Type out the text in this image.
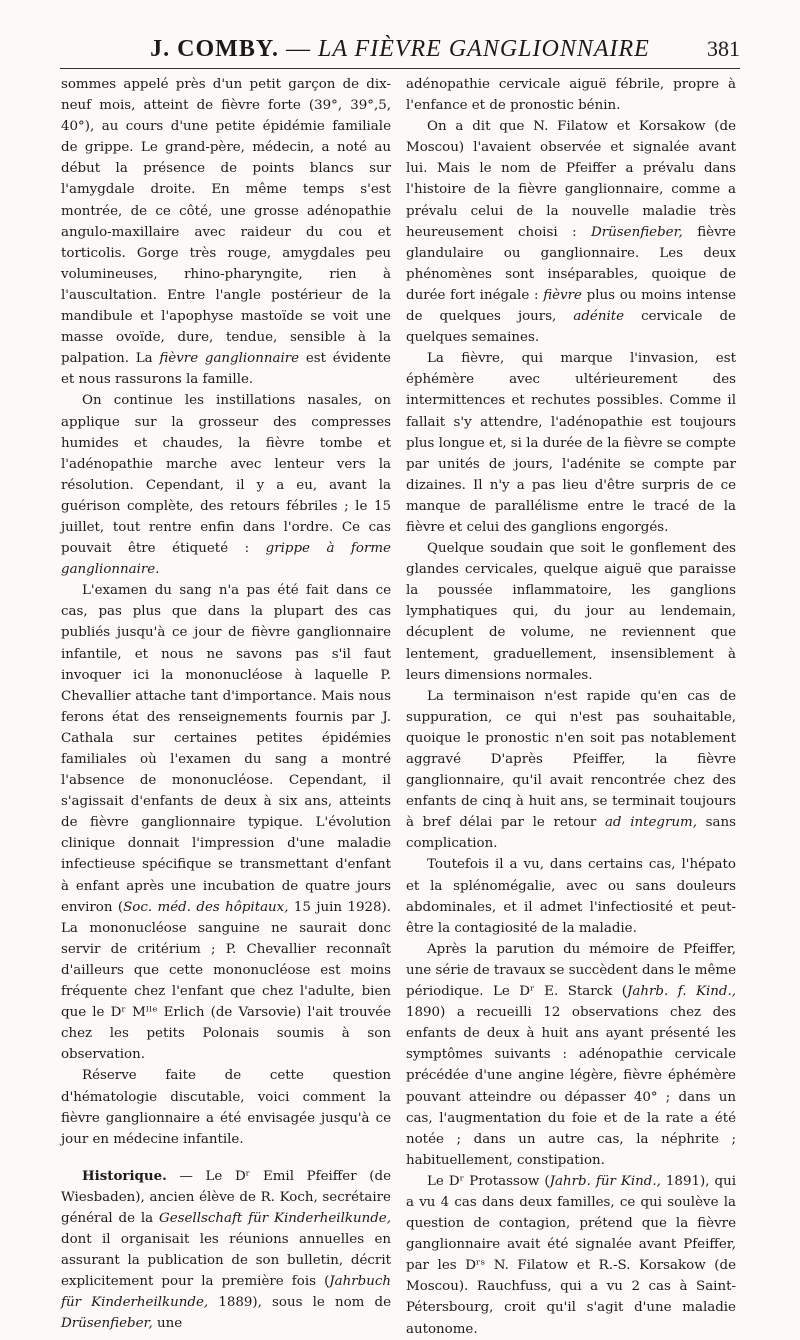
J. COMBY. — LA FIÈVRE GANGLIONNAIRE	381

sommes appelé près d'un petit garçon de dix-neuf mois, atteint de fièvre forte (39°, 39°,5, 40°), au cours d'une petite épidémie familiale de grippe. Le grand-père, médecin, a noté au début la présence de points blancs sur l'amygdale droite. En même temps s'est montrée, de ce côté, une grosse adénopathie angulo-maxillaire avec raideur du cou et torticolis. Gorge très rouge, amygdales peu volumineuses, rhino-pharyngite, rien à l'auscultation. Entre l'angle postérieur de la mandibule et l'apophyse mastoïde se voit une masse ovoïde, dure, tendue, sensible à la palpation. La fièvre ganglionnaire est évidente et nous rassurons la famille.

On continue les instillations nasales, on applique sur la grosseur des compresses humides et chaudes, la fièvre tombe et l'adénopathie marche avec lenteur vers la résolution. Cependant, il y a eu, avant la guérison complète, des retours fébriles ; le 15 juillet, tout rentre enfin dans l'ordre. Ce cas pouvait être étiqueté : grippe à forme ganglionnaire.

L'examen du sang n'a pas été fait dans ce cas, pas plus que dans la plupart des cas publiés jusqu'à ce jour de fièvre ganglionnaire infantile, et nous ne savons pas s'il faut invoquer ici la mononucléose à laquelle P. Chevallier attache tant d'importance. Mais nous ferons état des renseignements fournis par J. Cathala sur certaines petites épidémies familiales où l'examen du sang a montré l'absence de mononucléose. Cependant, il s'agissait d'enfants de deux à six ans, atteints de fièvre ganglionnaire typique. L'évolution clinique donnait l'impression d'une maladie infectieuse spécifique se transmettant d'enfant à enfant après une incubation de quatre jours environ (Soc. méd. des hôpitaux, 15 juin 1928). La mononucléose sanguine ne saurait donc servir de critérium ; P. Chevallier reconnaît d'ailleurs que cette mononucléose est moins fréquente chez l'enfant que chez l'adulte, bien que le Dʳ Mˡˡᵉ Erlich (de Varsovie) l'ait trouvée chez les petits Polonais soumis à son observation.

Réserve faite de cette question d'hématologie discutable, voici comment la fièvre ganglionnaire a été envisagée jusqu'à ce jour en médecine infantile.

Historique. — Le Dʳ Emil Pfeiffer (de Wiesbaden), ancien élève de R. Koch, secrétaire général de la Gesellschaft für Kinderheilkunde, dont il organisait les réunions annuelles en assurant la publication de son bulletin, décrit explicitement pour la première fois (Jahrbuch für Kinderheilkunde, 1889), sous le nom de Drüsenfieber, une

adénopathie cervicale aiguë fébrile, propre à l'enfance et de pronostic bénin.

On a dit que N. Filatow et Korsakow (de Moscou) l'avaient observée et signalée avant lui. Mais le nom de Pfeiffer a prévalu dans l'histoire de la fièvre ganglionnaire, comme a prévalu celui de la nouvelle maladie très heureusement choisi : Drüsenfieber, fièvre glandulaire ou ganglionnaire. Les deux phénomènes sont inséparables, quoique de durée fort inégale : fièvre plus ou moins intense de quelques jours, adénite cervicale de quelques semaines.

La fièvre, qui marque l'invasion, est éphémère avec ultérieurement des intermittences et rechutes possibles. Comme il fallait s'y attendre, l'adénopathie est toujours plus longue et, si la durée de la fièvre se compte par unités de jours, l'adénite se compte par dizaines. Il n'y a pas lieu d'être surpris de ce manque de parallélisme entre le tracé de la fièvre et celui des ganglions engorgés.

Quelque soudain que soit le gonflement des glandes cervicales, quelque aiguë que paraisse la poussée inflammatoire, les ganglions lymphatiques qui, du jour au lendemain, décuplent de volume, ne reviennent que lentement, graduellement, insensiblement à leurs dimensions normales.

La terminaison n'est rapide qu'en cas de suppuration, ce qui n'est pas souhaitable, quoique le pronostic n'en soit pas notablement aggravé D'après Pfeiffer, la fièvre ganglionnaire, qu'il avait rencontrée chez des enfants de cinq à huit ans, se terminait toujours à bref délai par le retour ad integrum, sans complication.

Toutefois il a vu, dans certains cas, l'hépato et la splénomégalie, avec ou sans douleurs abdominales, et il admet l'infectiosité et peut-être la contagiosité de la maladie.

Après la parution du mémoire de Pfeiffer, une série de travaux se succèdent dans le même périodique. Le Dʳ E. Starck (Jahrb. f. Kind., 1890) a recueilli 12 observations chez des enfants de deux à huit ans ayant présenté les symptômes suivants : adénopathie cervicale précédée d'une angine légère, fièvre éphémère pouvant atteindre ou dépasser 40° ; dans un cas, l'augmentation du foie et de la rate a été notée ; dans un autre cas, la néphrite ; habituellement, constipation.

Le Dʳ Protassow (Jahrb. für Kind., 1891), qui a vu 4 cas dans deux familles, ce qui soulève la question de contagion, prétend que la fièvre ganglionnaire avait été signalée avant Pfeiffer, par les Dʳˢ N. Filatow et R.-S. Korsakow (de Moscou). Rauchfuss, qui a vu 2 cas à Saint-Pétersbourg, croit qu'il s'agit d'une maladie autonome.
